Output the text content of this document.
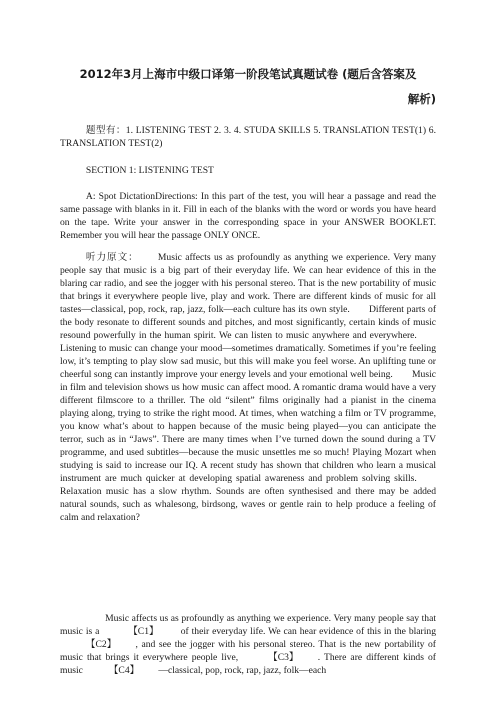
2012年3月上海市中级口译第一阶段笔试真题试卷 (题后含答案及
解析)

题型有：1. LISTENING TEST 2. 3. 4. STUDA SKILLS 5. TRANSLATION TEST(1) 6. TRANSLATION TEST(2)

SECTION 1: LISTENING TEST

A: Spot DictationDirections: In this part of the test, you will hear a passage and read the same passage with blanks in it. Fill in each of the blanks with the word or words you have heard on the tape. Write your answer in the corresponding space in your ANSWER BOOKLET. Remember you will hear the passage ONLY ONCE.

听力原文： Music affects us as profoundly as anything we experience. Very many people say that music is a big part of their everyday life. We can hear evidence of this in the blaring car radio, and see the jogger with his personal stereo. That is the new portability of music that brings it everywhere people live, play and work. There are different kinds of music for all tastes—classical, pop, rock, rap, jazz, folk—each culture has its own style. Different parts of the body resonate to different sounds and pitches, and most significantly, certain kinds of music resound powerfully in the human spirit. We can listen to music anywhere and everywhere.Listening to music can change your mood—sometimes dramatically. Sometimes if you’re feeling low, it’s tempting to play slow sad music, but this will make you feel worse. An uplifting tune or cheerful song can instantly improve your energy levels and your emotional well being. Music in film and television shows us how music can affect mood. A romantic drama would have a very different filmscore to a thriller. The old “silent” films originally had a pianist in the cinema playing along, trying to strike the right mood. At times, when watching a film or TV programme, you know what’s about to happen because of the music being played—you can anticipate the terror, such as in “Jaws”. There are many times when I’ve turned down the sound during a TV programme, and used subtitles—because the music unsettles me so much! Playing Mozart when studying is said to increase our IQ. A recent study has shown that children who learn a musical instrument are much quicker at developing spatial awareness and problem solving skills.Relaxation music has a slow rhythm. Sounds are often synthesised and there may be added natural sounds, such as whalesong, birdsong, waves or gentle rain to help produce a feeling of calm and relaxation?

Music affects us as profoundly as anything we experience. Very many people say that music is a	【C1】 of their everyday life. We can hear evidence of this in the blaring【C2】 , and see the jogger with his personal stereo. That is the new portability of music that brings it everywhere people live,	【C3】 . There are different kinds of music	【C4】 —classical, pop, rock, rap, jazz, folk—each
